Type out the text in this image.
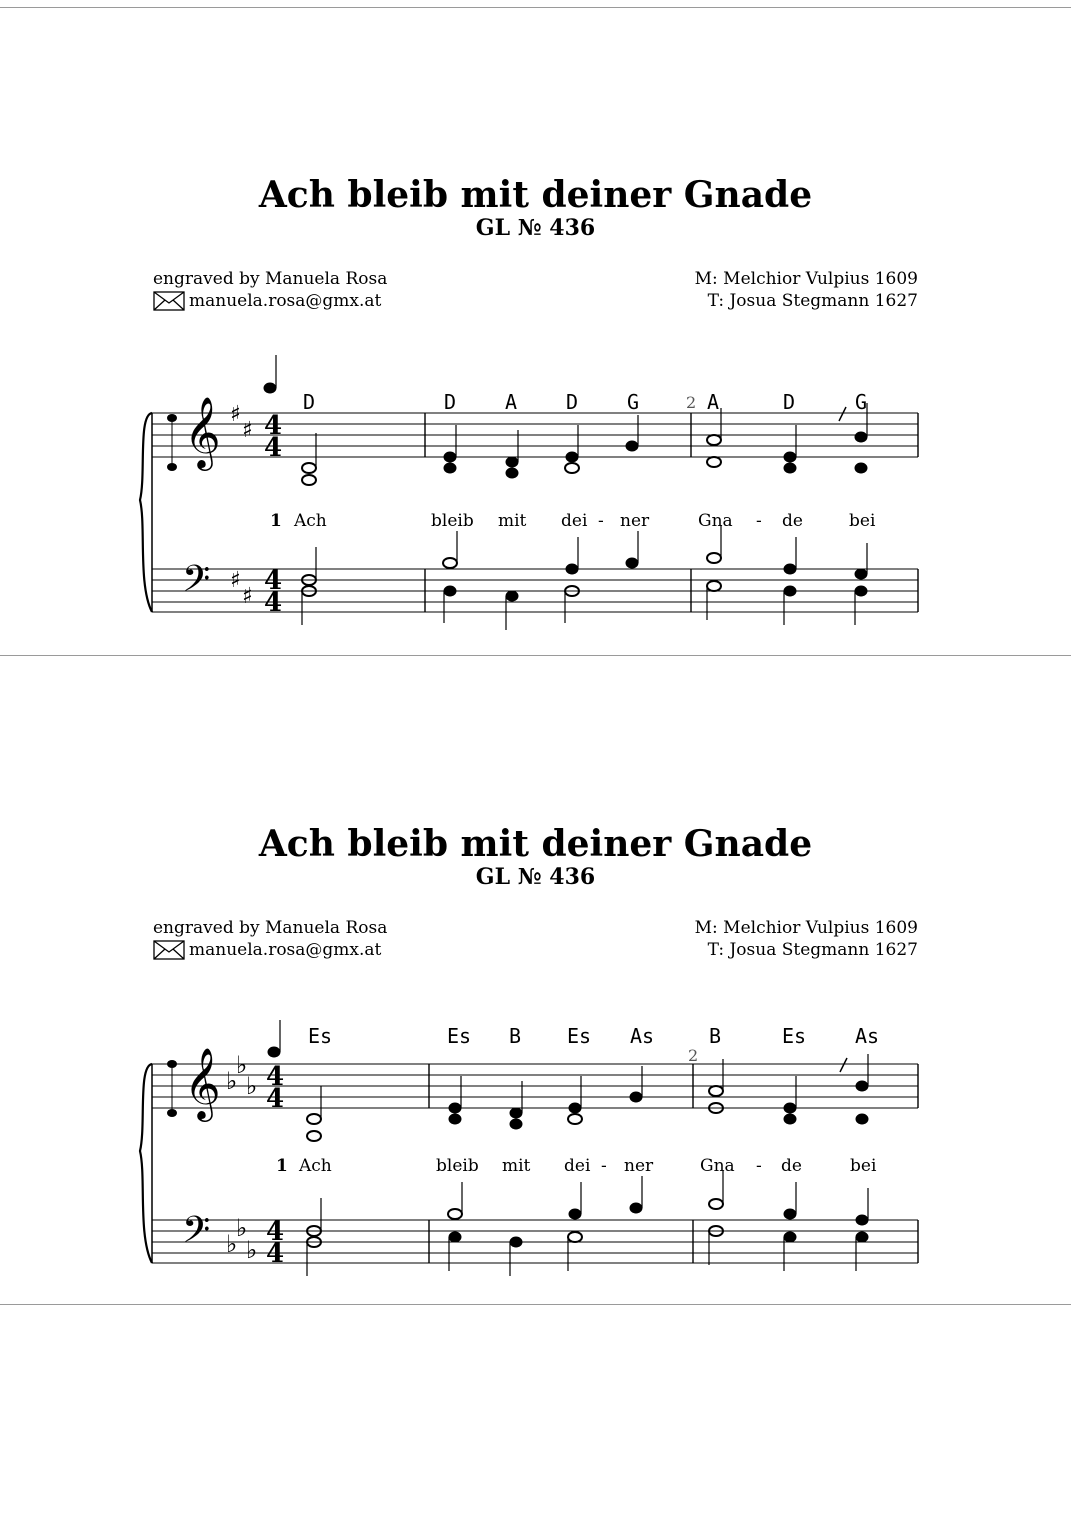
Ach bleib mit deiner Gnade
GL № 436
engraved by Manuela Rosa
manuela.rosa@gmx.at
M: Melchior Vulpius 1609
T: Josua Stegmann 1627
𝄞
𝄢
♯
♯
♯
♯
4
4
4
4
2
D	D A D G	A	D	G
1 Ach	bleib mit dei - ner	Gna - de	bei
Ach bleib mit deiner Gnade
GL № 436
engraved by Manuela Rosa
manuela.rosa@gmx.at
M: Melchior Vulpius 1609
T: Josua Stegmann 1627
𝄞
𝄢
♭
♭
♭
♭
♭
♭
4
4
4
4
2
Es	Es B Es As	B	Es As
1 Ach	bleib mit dei - ner	Gna - de	bei
